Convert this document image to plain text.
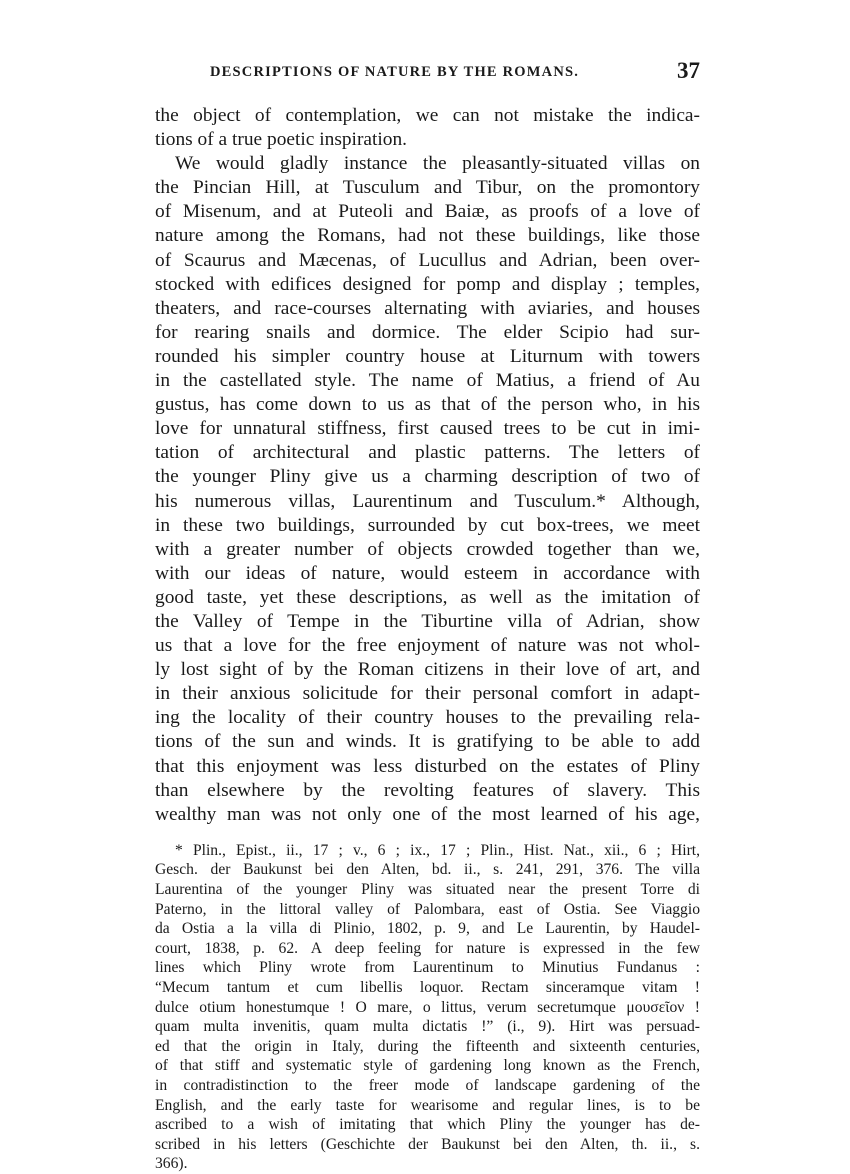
DESCRIPTIONS OF NATURE BY THE ROMANS.	37
the object of contemplation, we can not mistake the indica-
tions of a true poetic inspiration.
We would gladly instance the pleasantly-situated villas on
the Pincian Hill, at Tusculum and Tibur, on the promontory
of Misenum, and at Puteoli and Baiæ, as proofs of a love of
nature among the Romans, had not these buildings, like those
of Scaurus and Mæcenas, of Lucullus and Adrian, been over-
stocked with edifices designed for pomp and display ; temples,
theaters, and race-courses alternating with aviaries, and houses
for rearing snails and dormice. The elder Scipio had sur-
rounded his simpler country house at Liturnum with towers
in the castellated style. The name of Matius, a friend of Au
gustus, has come down to us as that of the person who, in his
love for unnatural stiffness, first caused trees to be cut in imi-
tation of architectural and plastic patterns. The letters of
the younger Pliny give us a charming description of two of
his numerous villas, Laurentinum and Tusculum.* Although,
in these two buildings, surrounded by cut box-trees, we meet
with a greater number of objects crowded together than we,
with our ideas of nature, would esteem in accordance with
good taste, yet these descriptions, as well as the imitation of
the Valley of Tempe in the Tiburtine villa of Adrian, show
us that a love for the free enjoyment of nature was not whol-
ly lost sight of by the Roman citizens in their love of art, and
in their anxious solicitude for their personal comfort in adapt-
ing the locality of their country houses to the prevailing rela-
tions of the sun and winds. It is gratifying to be able to add
that this enjoyment was less disturbed on the estates of Pliny
than elsewhere by the revolting features of slavery. This
wealthy man was not only one of the most learned of his age,
* Plin., Epist., ii., 17 ; v., 6 ; ix., 17 ; Plin., Hist. Nat., xii., 6 ; Hirt,
Gesch. der Baukunst bei den Alten, bd. ii., s. 241, 291, 376. The villa
Laurentina of the younger Pliny was situated near the present Torre di
Paterno, in the littoral valley of Palombara, east of Ostia. See Viaggio
da Ostia a la villa di Plinio, 1802, p. 9, and Le Laurentin, by Haudel-
court, 1838, p. 62. A deep feeling for nature is expressed in the few
lines which Pliny wrote from Laurentinum to Minutius Fundanus :
“Mecum tantum et cum libellis loquor. Rectam sinceramque vitam !
dulce otium honestumque ! O mare, o littus, verum secretumque μουσεῖον !
quam multa invenitis, quam multa dictatis !” (i., 9). Hirt was persuad-
ed that the origin in Italy, during the fifteenth and sixteenth centuries,
of that stiff and systematic style of gardening long known as the French,
in contradistinction to the freer mode of landscape gardening of the
English, and the early taste for wearisome and regular lines, is to be
ascribed to a wish of imitating that which Pliny the younger has de-
scribed in his letters (Geschichte der Baukunst bei den Alten, th. ii., s.
366).
